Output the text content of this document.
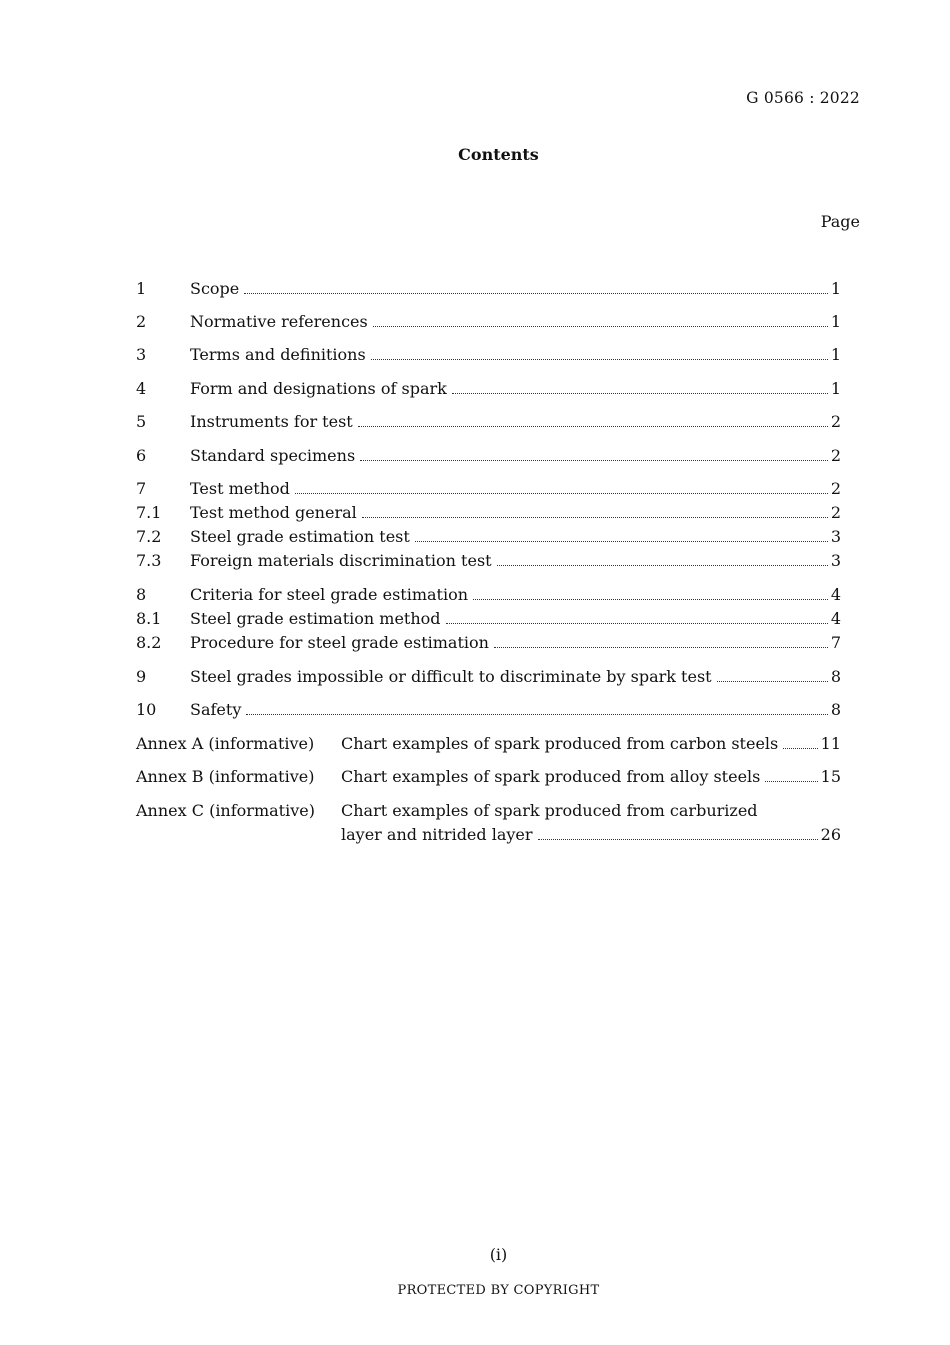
G 0566 : 2022
Contents
Page
1	Scope	1
2	Normative references	1
3	Terms and definitions	1
4	Form and designations of spark	1
5	Instruments for test	2
6	Standard specimens	2
7	Test method	2
7.1 Test method general	2
7.2 Steel grade estimation test	3
7.3 Foreign materials discrimination test	3
8	Criteria for steel grade estimation	4
8.1 Steel grade estimation method	4
8.2 Procedure for steel grade estimation	7
9	Steel grades impossible or difficult to discriminate by spark test	8
10 Safety	8
Annex A (informative) Chart examples of spark produced from carbon steels	11
Annex B (informative) Chart examples of spark produced from alloy steels	15
Annex C (informative) Chart examples of spark produced from carburized
layer and nitrided layer	26
(i)
PROTECTED BY COPYRIGHT
